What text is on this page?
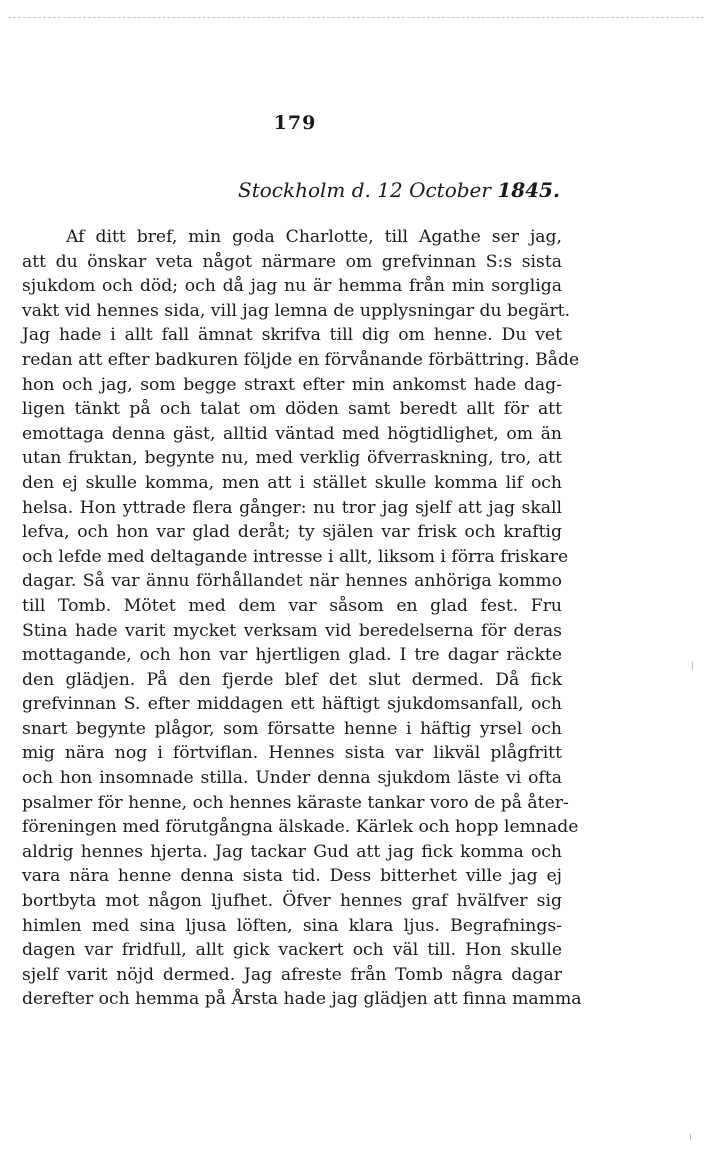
179
Stockholm d. 12 October 1845.
Af ditt bref, min goda Charlotte, till Agathe ser jag,
att du önskar veta något närmare om grefvinnan S:s sista
sjukdom och död; och då jag nu är hemma från min sorgliga
vakt vid hennes sida, vill jag lemna de upplysningar du begärt.
Jag hade i allt fall ämnat skrifva till dig om henne. Du vet
redan att efter badkuren följde en förvånande förbättring. Både
hon och jag, som begge straxt efter min ankomst hade dag-
ligen tänkt på och talat om döden samt beredt allt för att
emottaga denna gäst, alltid väntad med högtidlighet, om än
utan fruktan, begynte nu, med verklig öfverraskning, tro, att
den ej skulle komma, men att i stället skulle komma lif och
helsa. Hon yttrade flera gånger: nu tror jag sjelf att jag skall
lefva, och hon var glad deråt; ty själen var frisk och kraftig
och lefde med deltagande intresse i allt, liksom i förra friskare
dagar. Så var ännu förhållandet när hennes anhöriga kommo
till Tomb. Mötet med dem var såsom en glad fest. Fru
Stina hade varit mycket verksam vid beredelserna för deras
mottagande, och hon var hjertligen glad. I tre dagar räckte
den glädjen. På den fjerde blef det slut dermed. Då fick
grefvinnan S. efter middagen ett häftigt sjukdomsanfall, och
snart begynte plågor, som försatte henne i häftig yrsel och
mig nära nog i förtviflan. Hennes sista var likväl plågfritt
och hon insomnade stilla. Under denna sjukdom läste vi ofta
psalmer för henne, och hennes käraste tankar voro de på åter-
föreningen med förutgångna älskade. Kärlek och hopp lemnade
aldrig hennes hjerta. Jag tackar Gud att jag fick komma och
vara nära henne denna sista tid. Dess bitterhet ville jag ej
bortbyta mot någon ljufhet. Öfver hennes graf hvälfver sig
himlen med sina ljusa löften, sina klara ljus. Begrafnings-
dagen var fridfull, allt gick vackert och väl till. Hon skulle
sjelf varit nöjd dermed. Jag afreste från Tomb några dagar
derefter och hemma på Årsta hade jag glädjen att finna mamma
